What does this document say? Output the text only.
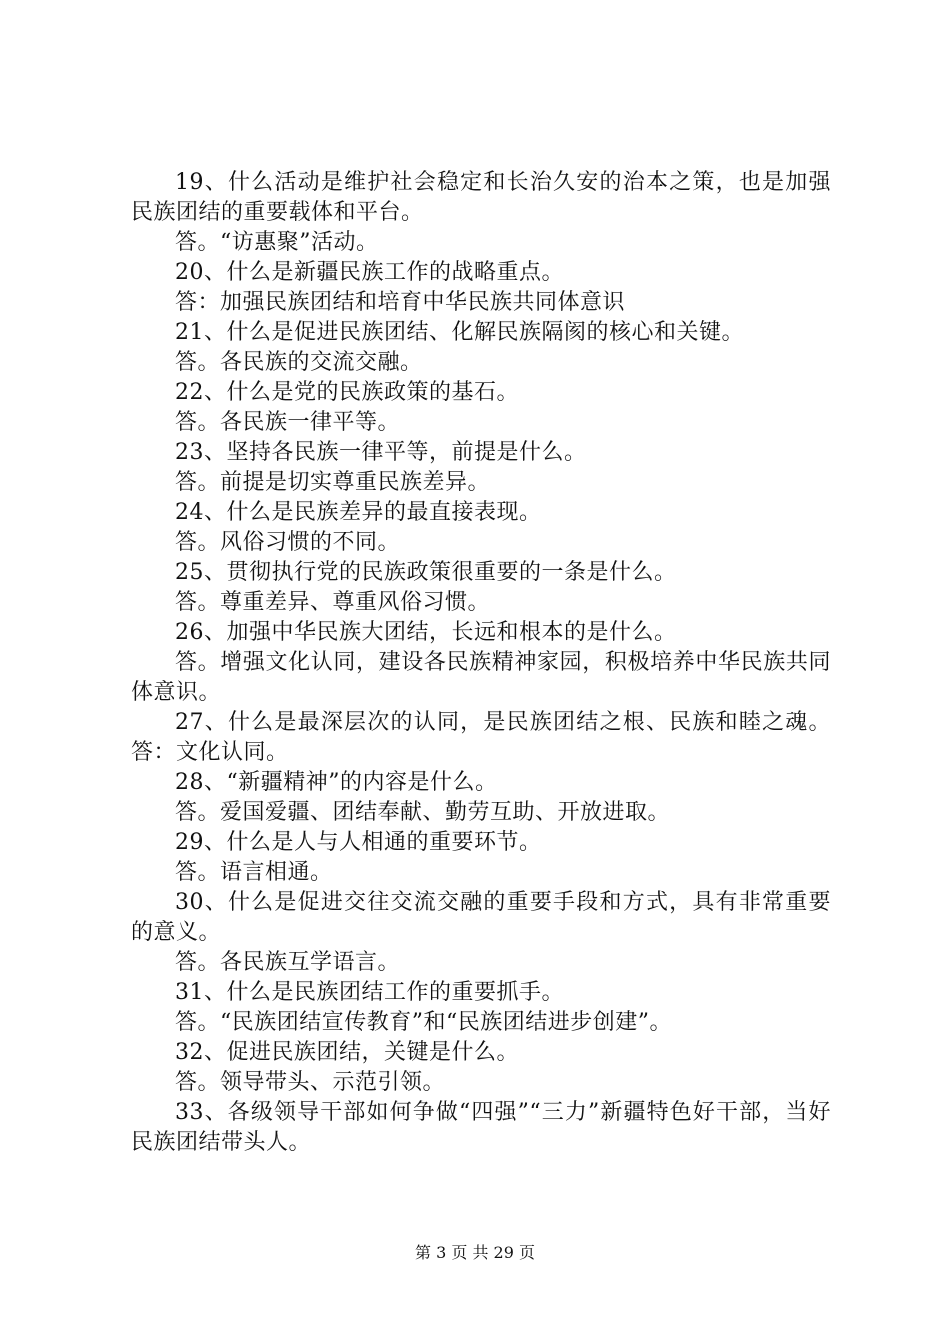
19、什么活动是维护社会稳定和长治久安的治本之策，也是加强民族团结的重要载体和平台。

答。“访惠聚”活动。

20、什么是新疆民族工作的战略重点。

答：加强民族团结和培育中华民族共同体意识

21、什么是促进民族团结、化解民族隔阂的核心和关键。

答。各民族的交流交融。

22、什么是党的民族政策的基石。

答。各民族一律平等。

23、坚持各民族一律平等，前提是什么。

答。前提是切实尊重民族差异。

24、什么是民族差异的最直接表现。

答。风俗习惯的不同。

25、贯彻执行党的民族政策很重要的一条是什么。

答。尊重差异、尊重风俗习惯。

26、加强中华民族大团结，长远和根本的是什么。

答。增强文化认同，建设各民族精神家园，积极培养中华民族共同体意识。

27、什么是最深层次的认同，是民族团结之根、民族和睦之魂。答：文化认同。

28、“新疆精神”的内容是什么。

答。爱国爱疆、团结奉献、勤劳互助、开放进取。

29、什么是人与人相通的重要环节。

答。语言相通。

30、什么是促进交往交流交融的重要手段和方式，具有非常重要的意义。

答。各民族互学语言。

31、什么是民族团结工作的重要抓手。

答。“民族团结宣传教育”和“民族团结进步创建”。

32、促进民族团结，关键是什么。

答。领导带头、示范引领。

33、各级领导干部如何争做“四强”“三力”新疆特色好干部，当好民族团结带头人。

第 3 页 共 29 页
